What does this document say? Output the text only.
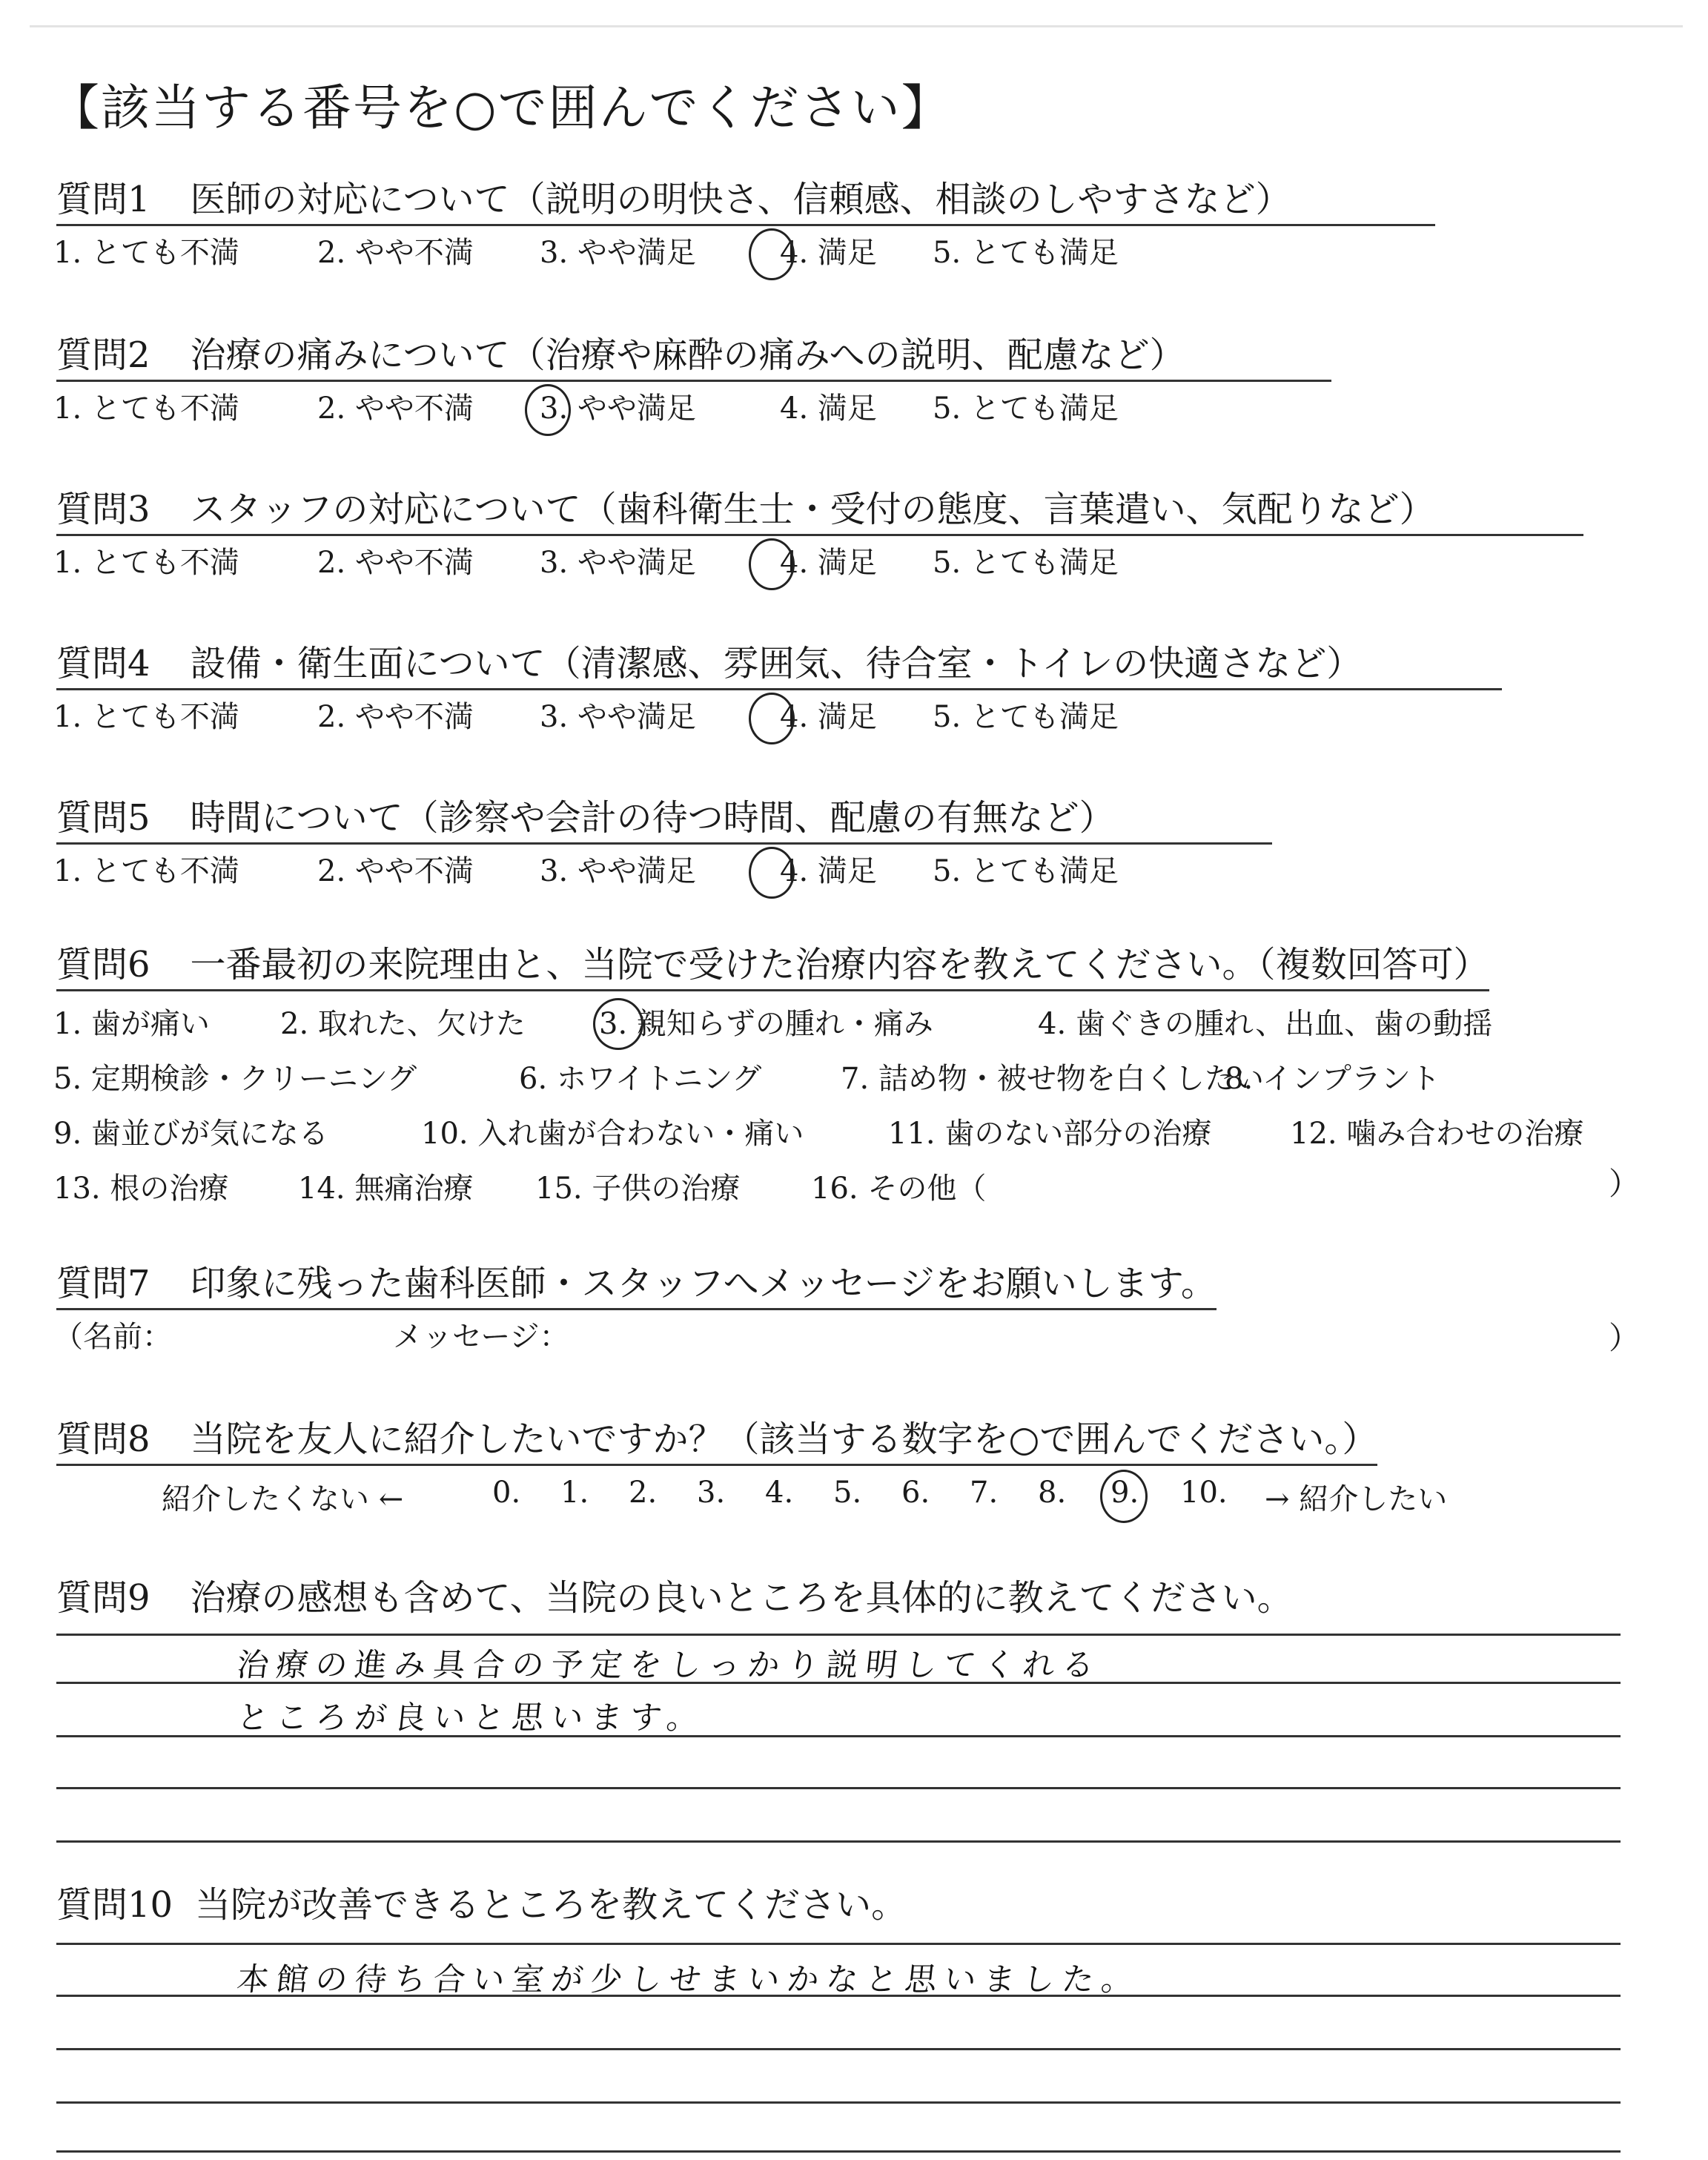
【該当する番号を○で囲んでください】
質問1 医師の対応について（説明の明快さ、信頼感、相談のしやすさなど）
1. とても不満	2. やや不満 3. やや満足	4. 満足 5. とても満足
質問2 治療の痛みについて（治療や麻酔の痛みへの説明、配慮など）
1. とても不満	2. やや不満 3. やや満足	4. 満足 5. とても満足
質問3 スタッフの対応について（歯科衛生士・受付の態度、言葉遣い、気配りなど）
1. とても不満	2. やや不満 3. やや満足	4. 満足 5. とても満足
質問4 設備・衛生面について（清潔感、雰囲気、待合室・トイレの快適さなど）
1. とても不満	2. やや不満 3. やや満足	4. 満足 5. とても満足
質問5 時間について（診察や会計の待つ時間、配慮の有無など）
1. とても不満	2. やや不満 3. やや満足	4. 満足 5. とても満足
質問6 一番最初の来院理由と、当院で受けた治療内容を教えてください。（複数回答可）
1. 歯が痛い 2. 取れた、欠けた 3. 親知らずの腫れ・痛み	4. 歯ぐきの腫れ、出血、歯の動揺
5. 定期検診・クリーニング	6. ホワイトニング	7. 詰め物・被せ物を白くしたい
8. インプラント
9. 歯並びが気になる	10. 入れ歯が合わない・痛い	11. 歯のない部分の治療	12. 噛み合わせの治療
13. 根の治療 14. 無痛治療 15. 子供の治療 16. その他（	）
質問7 印象に残った歯科医師・スタッフへメッセージをお願いします。
（名前：	メッセージ：	）
質問8 当院を友人に紹介したいですか？（該当する数字を○で囲んでください。）
紹介したくない ←	0. 1. 2. 3. 4. 5. 6. 7. 8. 9. 10. → 紹介したい
質問9 治療の感想も含めて、当院の良いところを具体的に教えてください。
治療の進み具合の予定をしっかり説明してくれる
ところが良いと思います。
質問10 当院が改善できるところを教えてください。
本館の待ち合い室が少しせまいかなと思いました。
